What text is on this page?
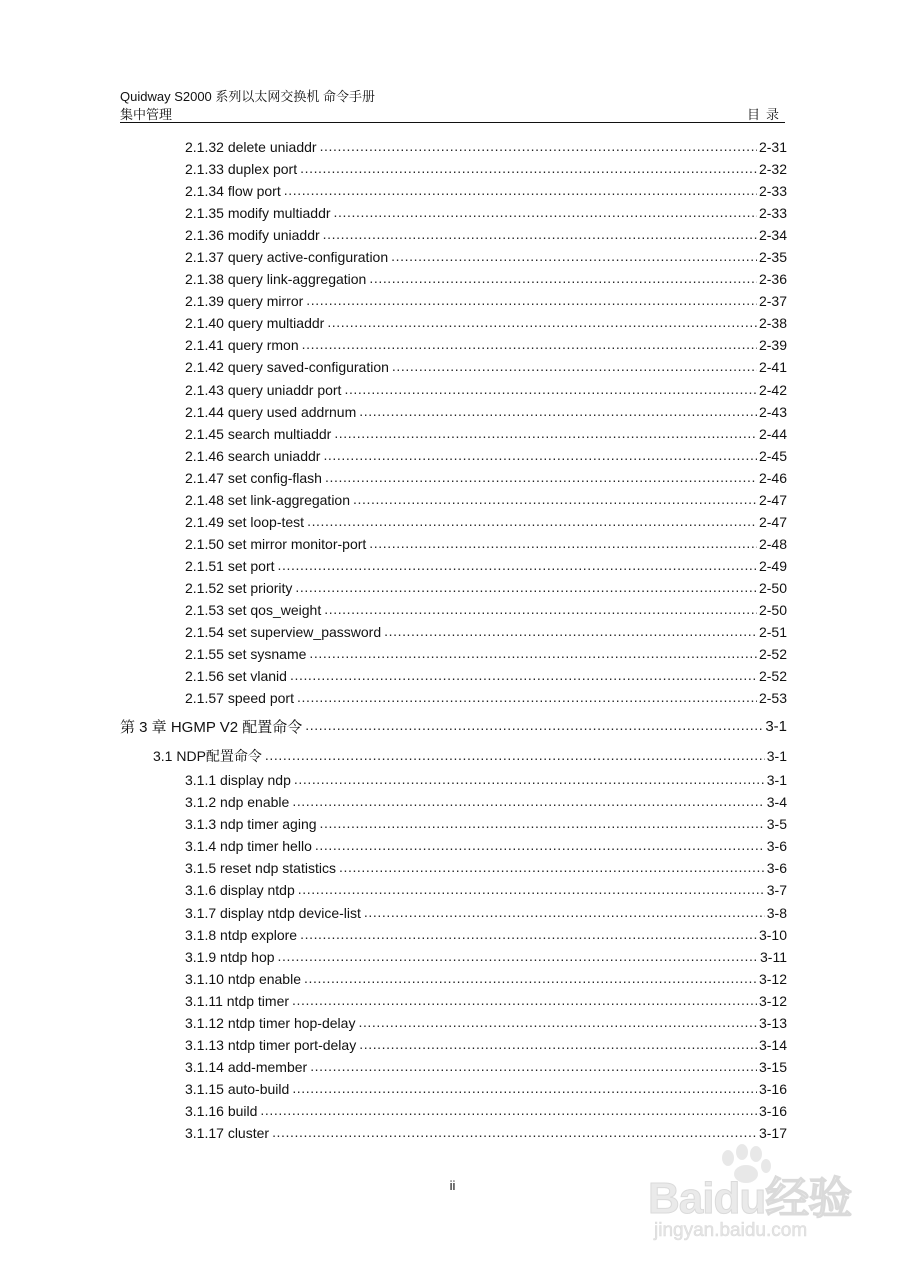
Quidway S2000 系列以太网交换机 命令手册
集中管理	目录
2.1.32 delete uniaddr .....	2-31
2.1.33 duplex port .....	2-32
2.1.34 flow port .....	2-33
2.1.35 modify multiaddr .....	2-33
2.1.36 modify uniaddr .....	2-34
2.1.37 query active-configuration .....	2-35
2.1.38 query link-aggregation .....	2-36
2.1.39 query mirror .....	2-37
2.1.40 query multiaddr .....	2-38
2.1.41 query rmon .....	2-39
2.1.42 query saved-configuration .....	2-41
2.1.43 query uniaddr port .....	2-42
2.1.44 query used addrnum .....	2-43
2.1.45 search multiaddr .....	2-44
2.1.46 search uniaddr .....	2-45
2.1.47 set config-flash .....	2-46
2.1.48 set link-aggregation .....	2-47
2.1.49 set loop-test .....	2-47
2.1.50 set mirror monitor-port .....	2-48
2.1.51 set port .....	2-49
2.1.52 set priority .....	2-50
2.1.53 set qos_weight .....	2-50
2.1.54 set superview_password .....	2-51
2.1.55 set sysname .....	2-52
2.1.56 set vlanid .....	2-52
2.1.57 speed port .....	2-53
第 3 章 HGMP V2 配置命令 .....	3-1
3.1 NDP配置命令 .....	3-1
3.1.1 display ndp .....	3-1
3.1.2 ndp enable .....	3-4
3.1.3 ndp timer aging .....	3-5
3.1.4 ndp timer hello .....	3-6
3.1.5 reset ndp statistics .....	3-6
3.1.6 display ntdp .....	3-7
3.1.7 display ntdp device-list .....	3-8
3.1.8 ntdp explore .....	3-10
3.1.9 ntdp hop .....	3-11
3.1.10 ntdp enable .....	3-12
3.1.11 ntdp timer .....	3-12
3.1.12 ntdp timer hop-delay .....	3-13
3.1.13 ntdp timer port-delay .....	3-14
3.1.14 add-member .....	3-15
3.1.15 auto-build .....	3-16
3.1.16 build .....	3-16
3.1.17 cluster .....	3-17
ii	Baidu经验
jingyan.baidu.com
